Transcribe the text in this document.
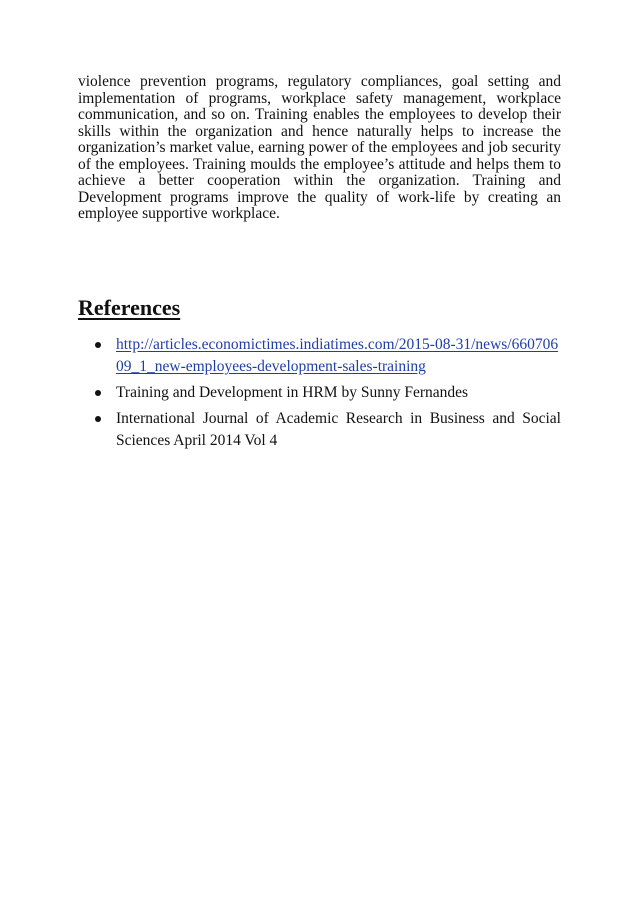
violence prevention programs, regulatory compliances, goal setting and implementation of programs, workplace safety management, workplace communication, and so on. Training enables the employees to develop their skills within the organization and hence naturally helps to increase the organization’s market value, earning power of the employees and job security of the employees. Training moulds the employee’s attitude and helps them to achieve a better cooperation within the organization. Training and Development programs improve the quality of work-life by creating an employee supportive workplace.

References
http://articles.economictimes.indiatimes.com/2015-08-31/news/66070609_1_new-employees-development-sales-training
Training and Development in HRM by Sunny Fernandes
International Journal of Academic Research in Business and Social Sciences April 2014 Vol 4
